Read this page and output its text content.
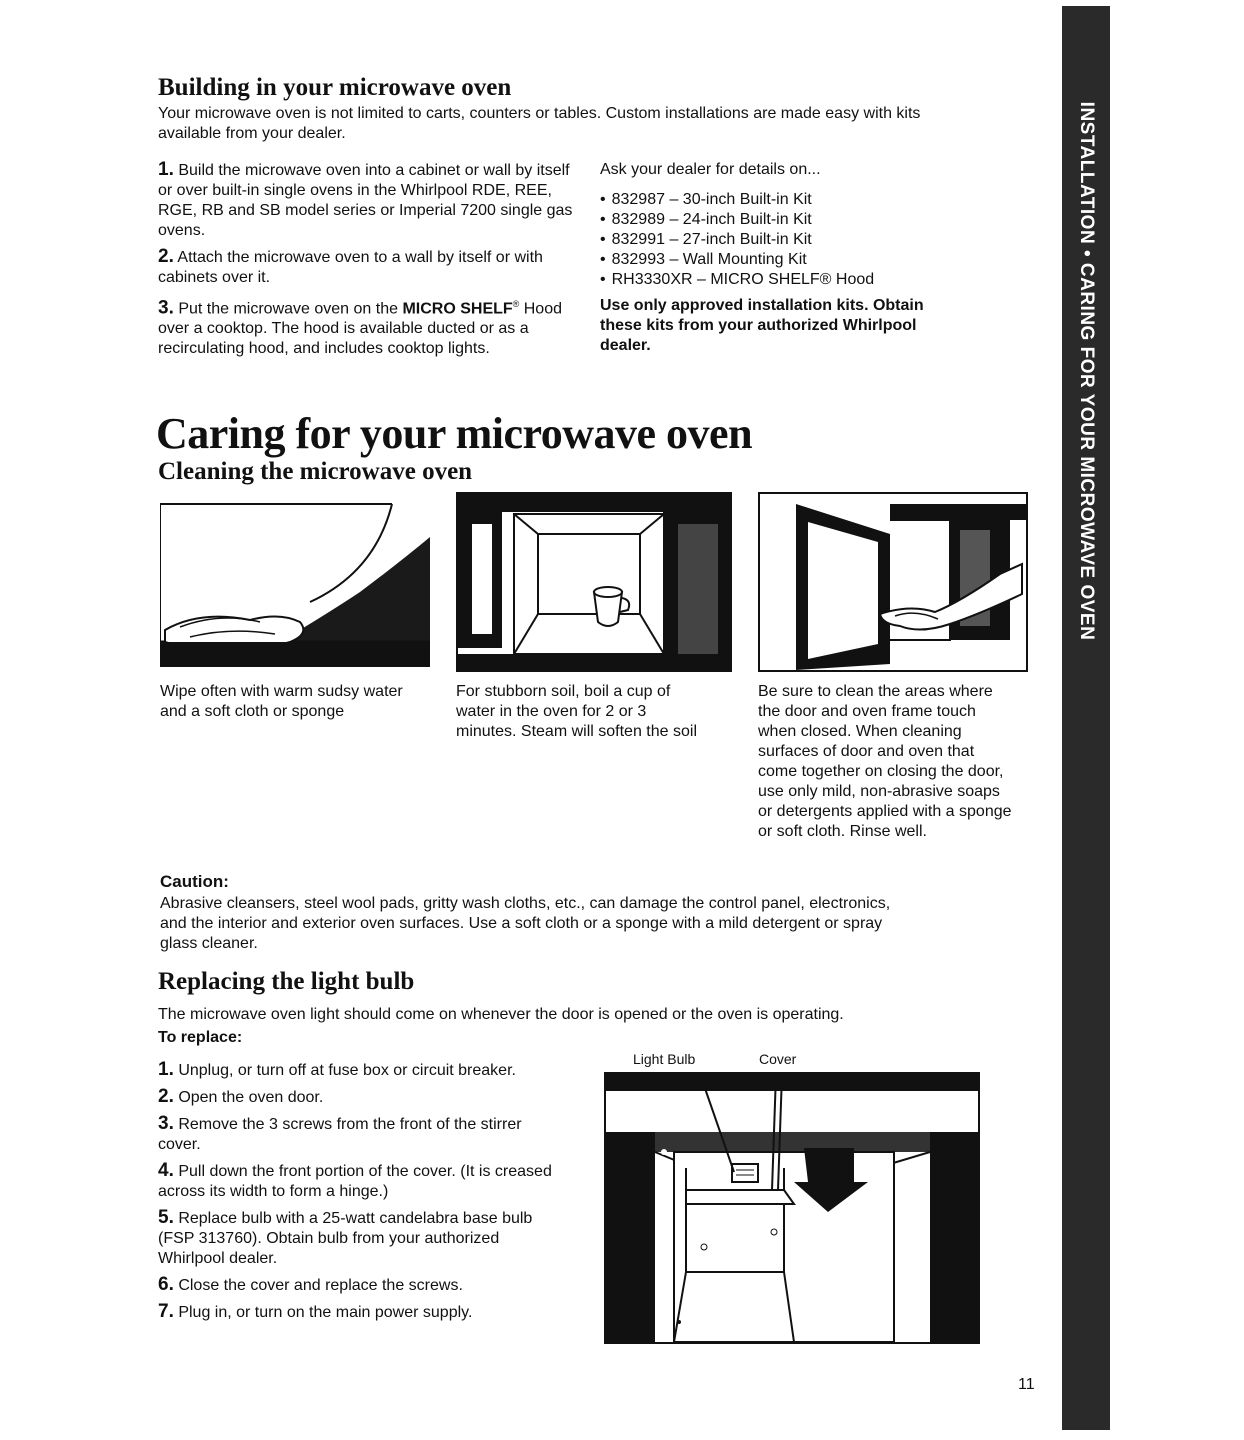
INSTALLATION • CARING FOR YOUR MICROWAVE OVEN
Building in your microwave oven

Your microwave oven is not limited to carts, counters or tables. Custom installations are made easy with kits available from your dealer.

1. Build the microwave oven into a cabinet or wall by itself or over built-in single ovens in the Whirlpool RDE, REE, RGE, RB and SB model series or Imperial 7200 single gas ovens.

2. Attach the microwave oven to a wall by itself or with cabinets over it.

3. Put the microwave oven on the MICRO SHELF® Hood over a cooktop. The hood is available ducted or as a recirculating hood, and includes cooktop lights.

Ask your dealer for details on...

• 832987 – 30-inch Built-in Kit
• 832989 – 24-inch Built-in Kit
• 832991 – 27-inch Built-in Kit
• 832993 – Wall Mounting Kit
• RH3330XR – MICRO SHELF® Hood

Use only approved installation kits. Obtain these kits from your authorized Whirlpool dealer.

Caring for your microwave oven
Cleaning the microwave oven

Wipe often with warm sudsy water and a soft cloth or sponge

For stubborn soil, boil a cup of water in the oven for 2 or 3 minutes. Steam will soften the soil

Be sure to clean the areas where the door and oven frame touch when closed. When cleaning surfaces of door and oven that come together on closing the door, use only mild, non-abrasive soaps or detergents applied with a sponge or soft cloth. Rinse well.

Caution:

Abrasive cleansers, steel wool pads, gritty wash cloths, etc., can damage the control panel, electronics, and the interior and exterior oven surfaces. Use a soft cloth or a sponge with a mild detergent or spray glass cleaner.

Replacing the light bulb

The microwave oven light should come on whenever the door is opened or the oven is operating.

To replace:

1. Unplug, or turn off at fuse box or circuit breaker.

2. Open the oven door.

3. Remove the 3 screws from the front of the stirrer cover.

4. Pull down the front portion of the cover. (It is creased across its width to form a hinge.)

5. Replace bulb with a 25-watt candelabra base bulb (FSP 313760). Obtain bulb from your authorized Whirlpool dealer.

6. Close the cover and replace the screws.

7. Plug in, or turn on the main power supply.

Light Bulb	Cover
11
